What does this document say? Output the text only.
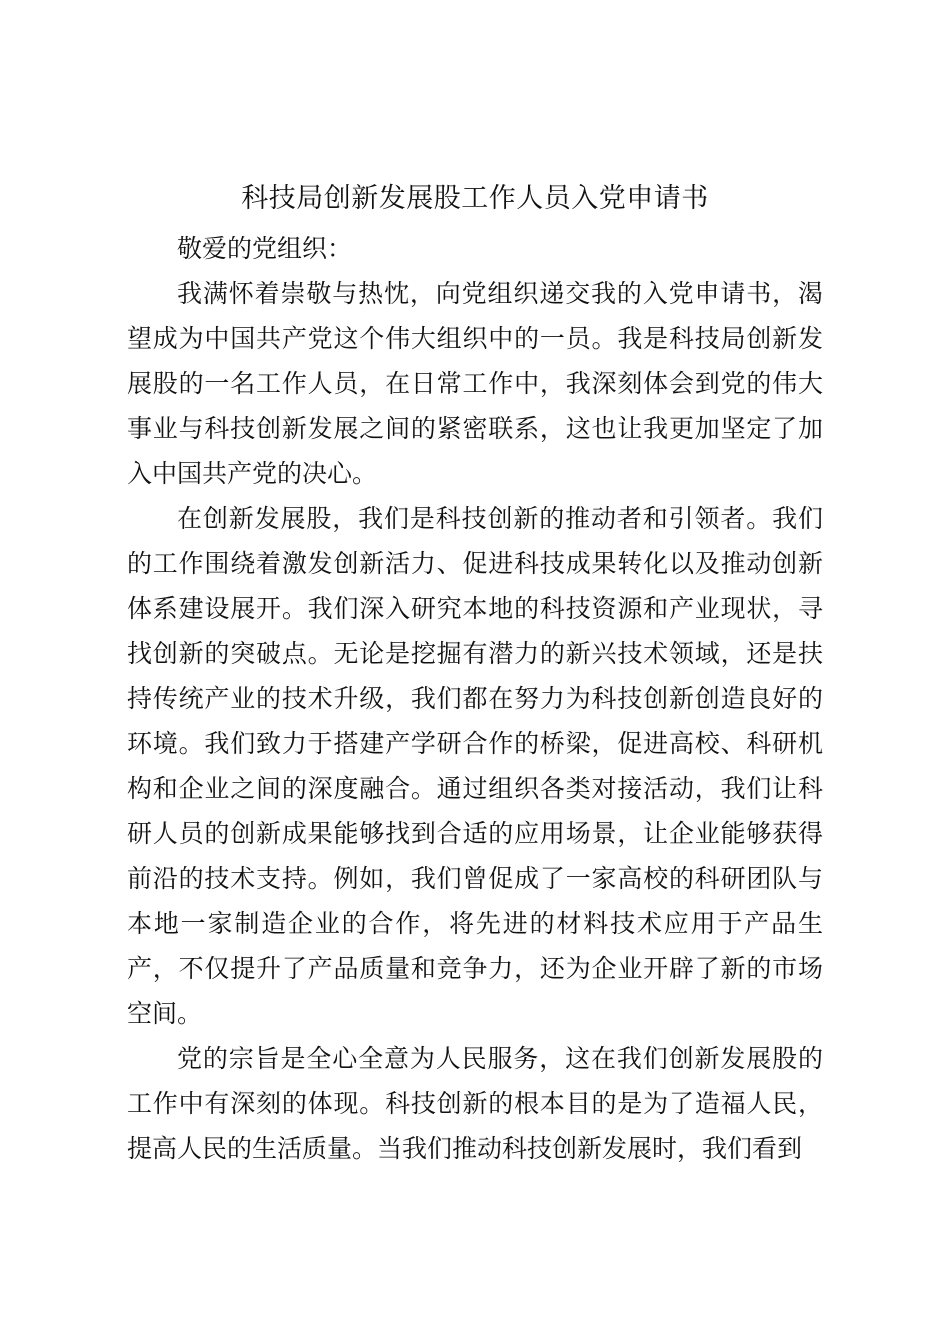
科技局创新发展股工作人员入党申请书

敬爱的党组织：

我满怀着崇敬与热忱，向党组织递交我的入党申请书，渴望成为中国共产党这个伟大组织中的一员。我是科技局创新发展股的一名工作人员，在日常工作中，我深刻体会到党的伟大事业与科技创新发展之间的紧密联系，这也让我更加坚定了加入中国共产党的决心。

在创新发展股，我们是科技创新的推动者和引领者。我们的工作围绕着激发创新活力、促进科技成果转化以及推动创新体系建设展开。我们深入研究本地的科技资源和产业现状，寻找创新的突破点。无论是挖掘有潜力的新兴技术领域，还是扶持传统产业的技术升级，我们都在努力为科技创新创造良好的环境。我们致力于搭建产学研合作的桥梁，促进高校、科研机构和企业之间的深度融合。通过组织各类对接活动，我们让科研人员的创新成果能够找到合适的应用场景，让企业能够获得前沿的技术支持。例如，我们曾促成了一家高校的科研团队与本地一家制造企业的合作，将先进的材料技术应用于产品生产，不仅提升了产品质量和竞争力，还为企业开辟了新的市场空间。

党的宗旨是全心全意为人民服务，这在我们创新发展股的工作中有深刻的体现。科技创新的根本目的是为了造福人民，提高人民的生活质量。当我们推动科技创新发展时，我们看到
